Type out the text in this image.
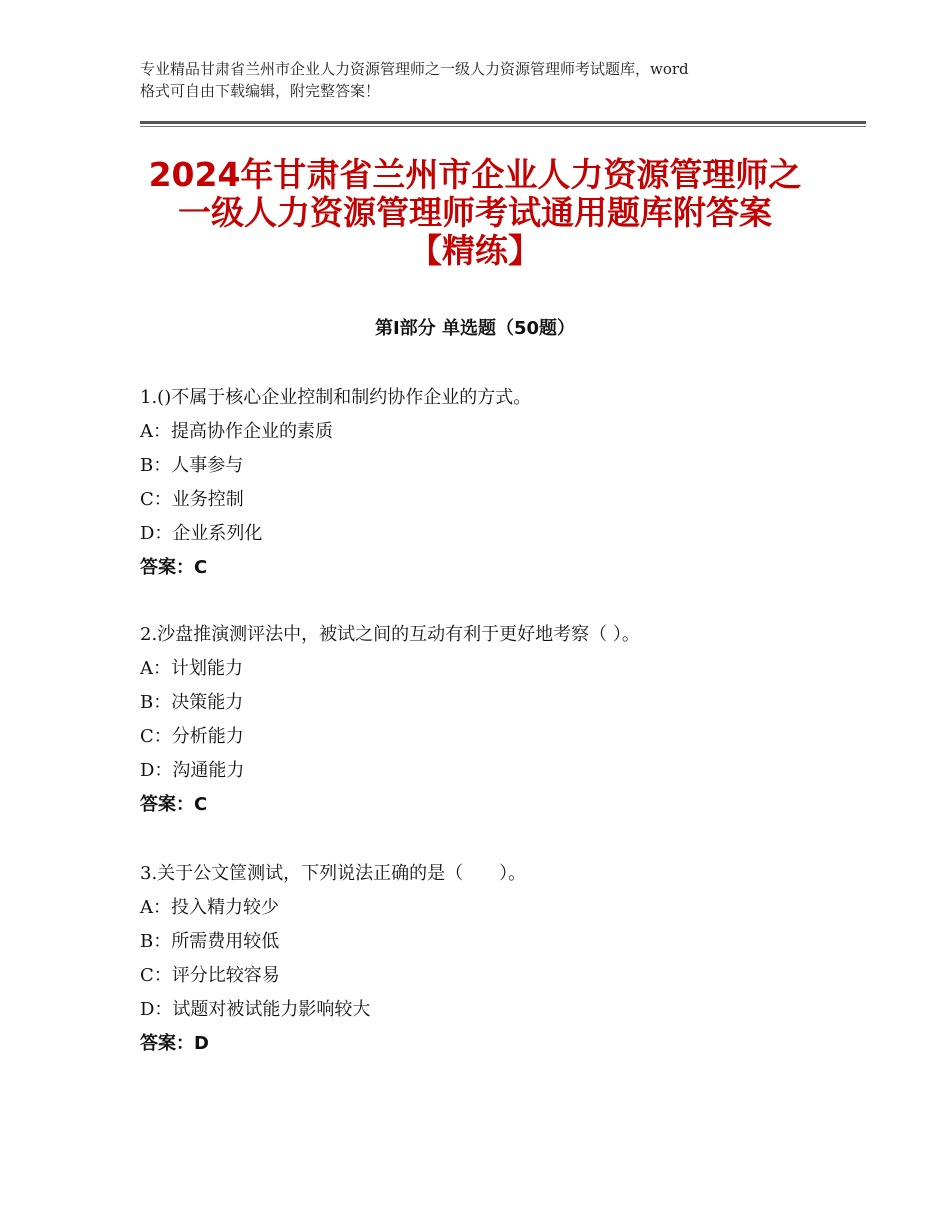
专业精品甘肃省兰州市企业人力资源管理师之一级人力资源管理师考试题库，word
格式可自由下载编辑，附完整答案！
2024年甘肃省兰州市企业人力资源管理师之
一级人力资源管理师考试通用题库附答案
【精练】
第Ⅰ部分 单选题（50题）
1.()不属于核心企业控制和制约协作企业的方式。
A：提高协作企业的素质
B：人事参与
C：业务控制
D：企业系列化
答案：C
2.沙盘推演测评法中，被试之间的互动有利于更好地考察（ ）。
A：计划能力
B：决策能力
C：分析能力
D：沟通能力
答案：C
3.关于公文筐测试，下列说法正确的是（　　）。
A：投入精力较少
B：所需费用较低
C：评分比较容易
D：试题对被试能力影响较大
答案：D
